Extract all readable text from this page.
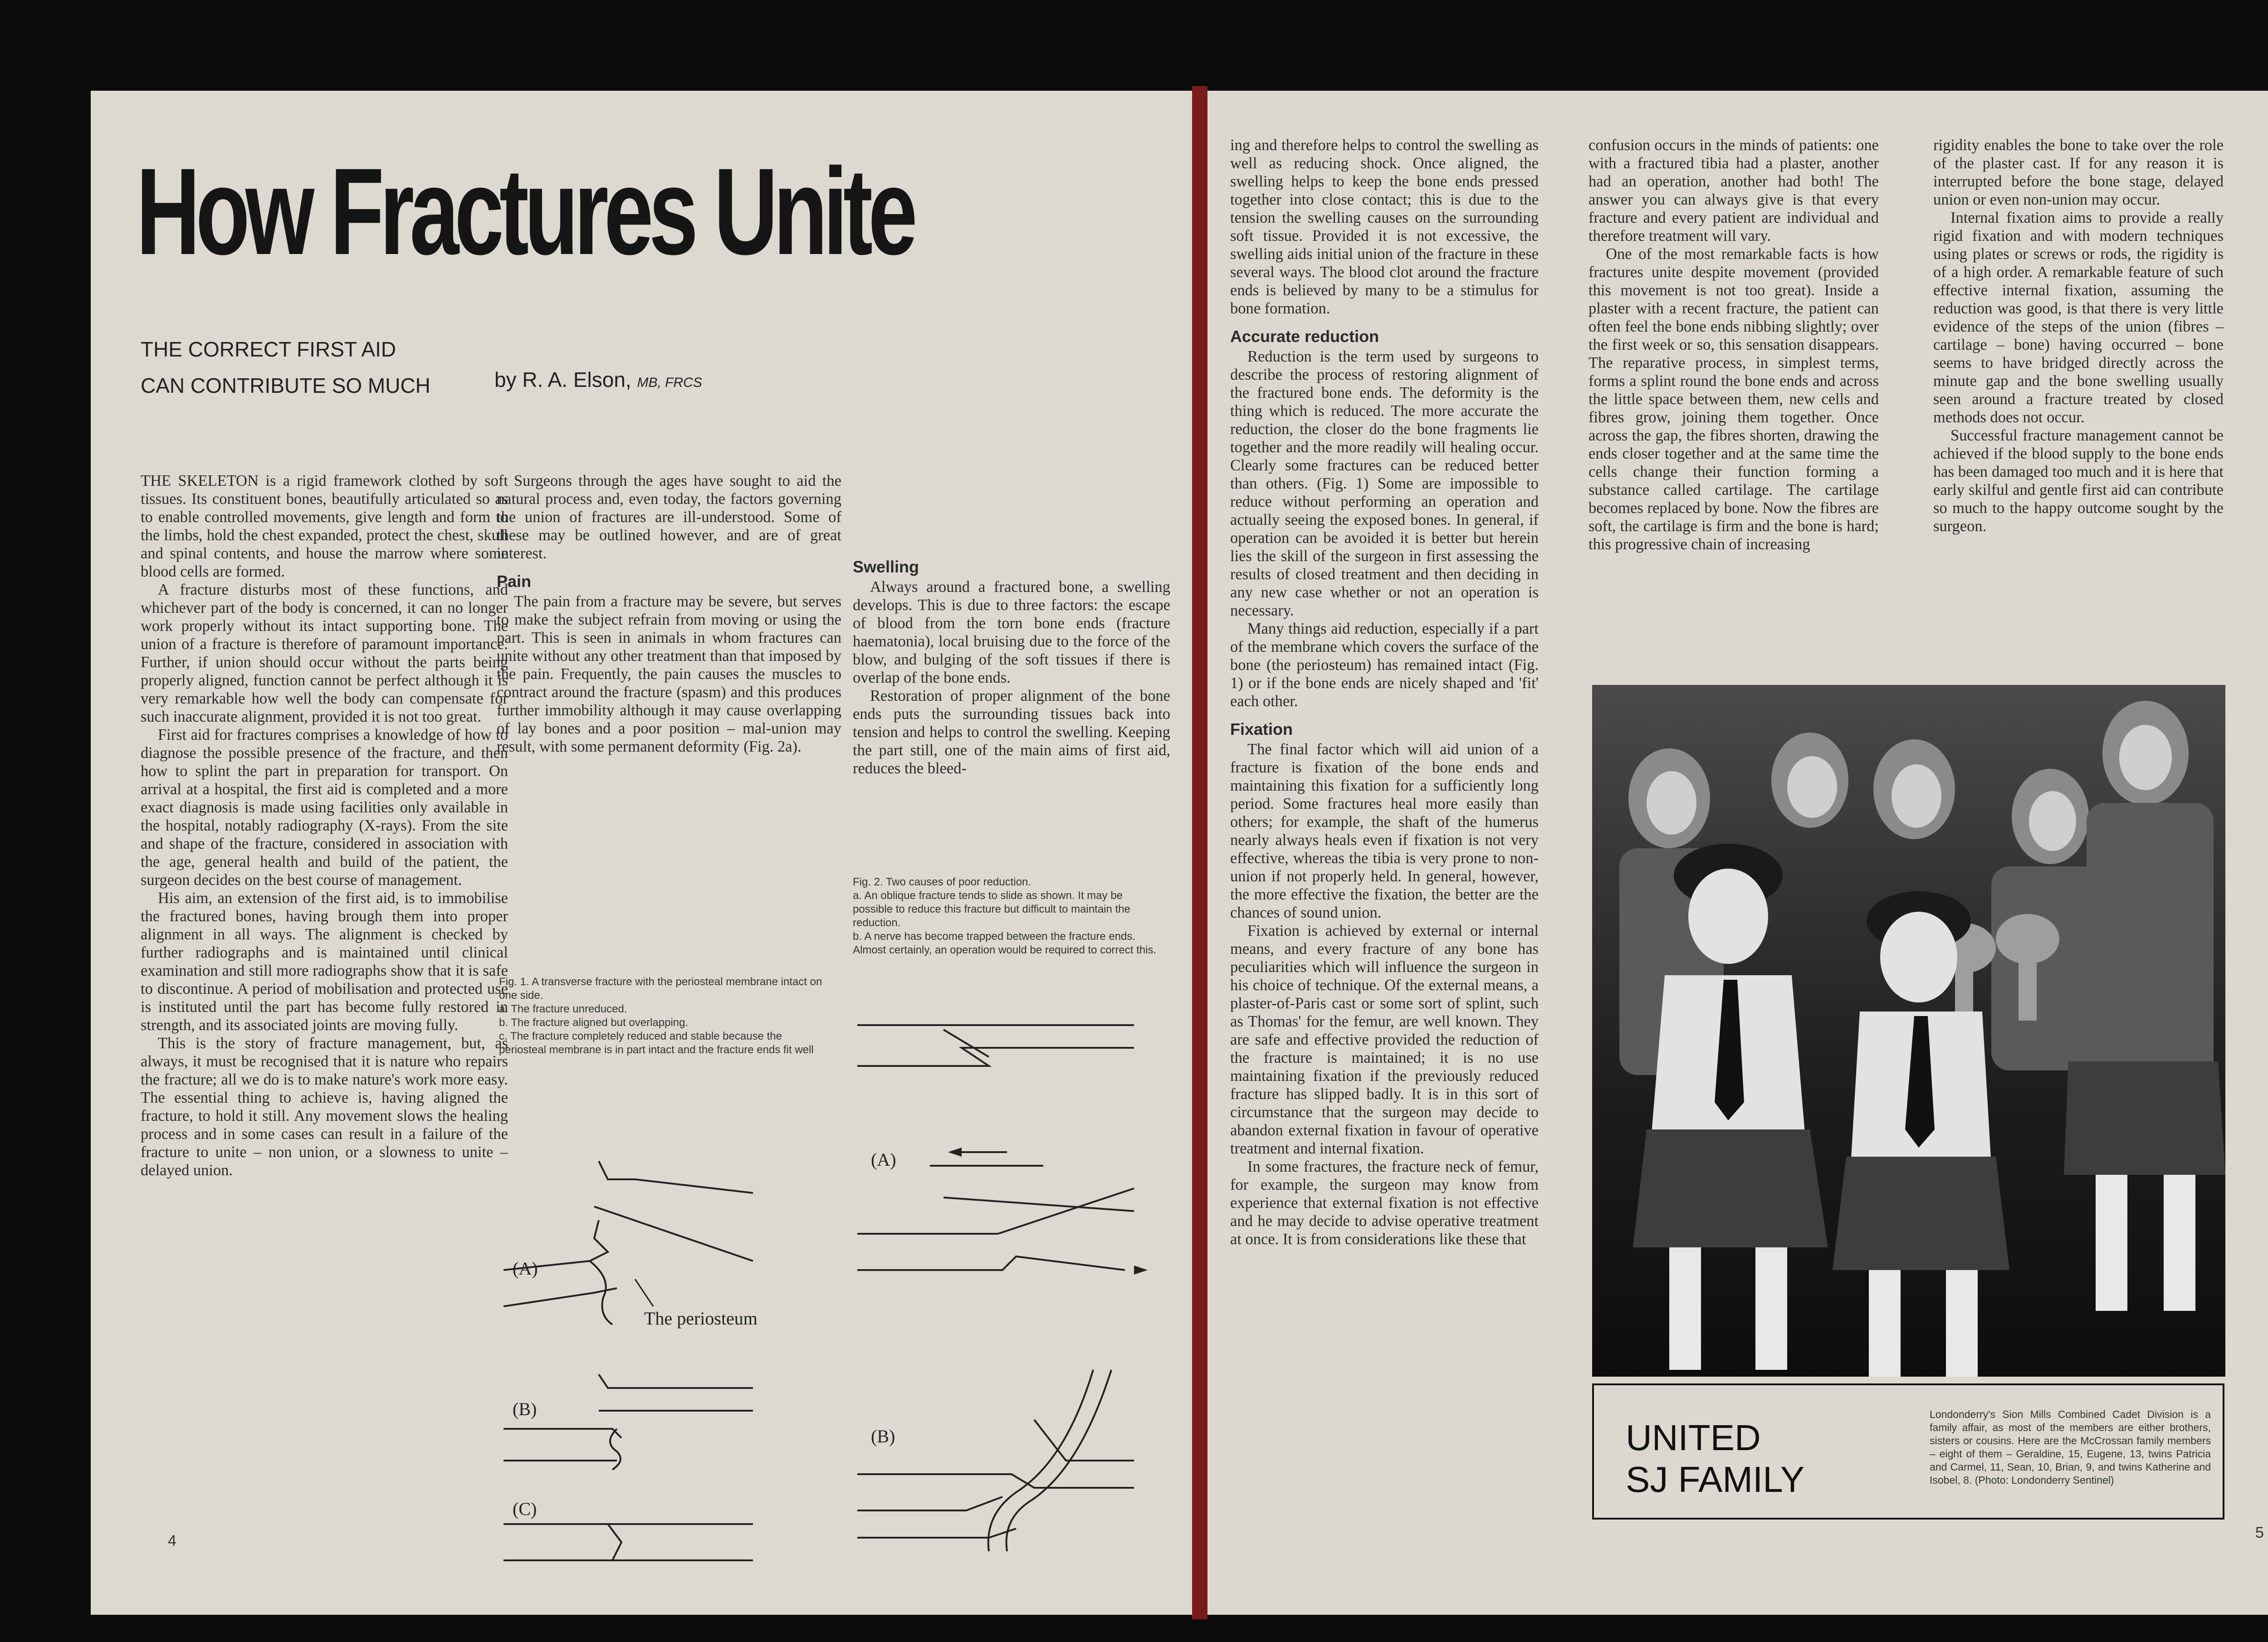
How Fractures Unite
THE CORRECT FIRST AID
CAN CONTRIBUTE SO MUCH	by R. A. Elson, MB, FRCS

THE SKELETON is a rigid framework clothed by soft tissues. Its constituent bones, beautifully articulated so as to enable controlled movements, give length and form to the limbs, hold the chest expanded, protect the chest, skull and spinal contents, and house the marrow where some blood cells are formed.

A fracture disturbs most of these functions, and whichever part of the body is concerned, it can no longer work properly without its intact supporting bone. The union of a fracture is therefore of paramount importance. Further, if union should occur without the parts being properly aligned, function cannot be perfect although it is very remarkable how well the body can compensate for such inaccurate alignment, provided it is not too great.

First aid for fractures comprises a knowledge of how to diagnose the possible presence of the fracture, and then how to splint the part in preparation for transport. On arrival at a hospital, the first aid is completed and a more exact diagnosis is made using facilities only available in the hospital, notably radiography (X-rays). From the site and shape of the fracture, considered in association with the age, general health and build of the patient, the surgeon decides on the best course of management.

His aim, an extension of the first aid, is to immobilise the fractured bones, having brough them into proper alignment in all ways. The alignment is checked by further radiographs and is maintained until clinical examination and still more radiographs show that it is safe to discontinue. A period of mobilisation and protected use is instituted until the part has become fully restored in strength, and its associated joints are moving fully.

This is the story of fracture management, but, as always, it must be recognised that it is nature who repairs the fracture; all we do is to make nature's work more easy. The essential thing to achieve is, having aligned the fracture, to hold it still. Any movement slows the healing process and in some cases can result in a failure of the fracture to unite – non union, or a slowness to unite – delayed union.

Surgeons through the ages have sought to aid the natural process and, even today, the factors governing the union of fractures are ill-understood. Some of these may be outlined however, and are of great interest.

Pain

The pain from a fracture may be severe, but serves to make the subject refrain from moving or using the part. This is seen in animals in whom fractures can unite without any other treatment than that imposed by the pain. Frequently, the pain causes the muscles to contract around the fracture (spasm) and this produces further immobility although it may cause overlapping of lay bones and a poor position – mal-union may result, with some permanent deformity (Fig. 2a).

Fig. 1. A transverse fracture with the periosteal membrane intact on one side.
a. The fracture unreduced.
b. The fracture aligned but overlapping.
c. The fracture completely reduced and stable because the periosteal membrane is in part intact and the fracture ends fit well
(A)
The periosteum
(B)
(C)
Swelling

Always around a fractured bone, a swelling develops. This is due to three factors: the escape of blood from the torn bone ends (fracture haematonia), local bruising due to the force of the blow, and bulging of the soft tissues if there is overlap of the bone ends.

Restoration of proper alignment of the bone ends puts the surrounding tissues back into tension and helps to control the swelling. Keeping the part still, one of the main aims of first aid, reduces the bleed-

Fig. 2. Two causes of poor reduction.
a. An oblique fracture tends to slide as shown. It may be possible to reduce this fracture but difficult to maintain the reduction.
b. A nerve has become trapped between the fracture ends. Almost certainly, an operation would be required to correct this.
(A)
(B)
4

ing and therefore helps to control the swelling as well as reducing shock. Once aligned, the swelling helps to keep the bone ends pressed together into close contact; this is due to the tension the swelling causes on the surrounding soft tissue. Provided it is not excessive, the swelling aids initial union of the fracture in these several ways. The blood clot around the fracture ends is believed by many to be a stimulus for bone formation.

Accurate reduction

Reduction is the term used by surgeons to describe the process of restoring alignment of the fractured bone ends. The deformity is the thing which is reduced. The more accurate the reduction, the closer do the bone fragments lie together and the more readily will healing occur. Clearly some fractures can be reduced better than others. (Fig. 1) Some are impossible to reduce without performing an operation and actually seeing the exposed bones. In general, if operation can be avoided it is better but herein lies the skill of the surgeon in first assessing the results of closed treatment and then deciding in any new case whether or not an operation is necessary.

Many things aid reduction, especially if a part of the membrane which covers the surface of the bone (the periosteum) has remained intact (Fig. 1) or if the bone ends are nicely shaped and 'fit' each other.

Fixation

The final factor which will aid union of a fracture is fixation of the bone ends and maintaining this fixation for a sufficiently long period. Some fractures heal more easily than others; for example, the shaft of the humerus nearly always heals even if fixation is not very effective, whereas the tibia is very prone to non-union if not properly held. In general, however, the more effective the fixation, the better are the chances of sound union.

Fixation is achieved by external or internal means, and every fracture of any bone has peculiarities which will influence the surgeon in his choice of technique. Of the external means, a plaster-of-Paris cast or some sort of splint, such as Thomas' for the femur, are well known. They are safe and effective provided the reduction of the fracture is maintained; it is no use maintaining fixation if the previously reduced fracture has slipped badly. It is in this sort of circumstance that the surgeon may decide to abandon external fixation in favour of operative treatment and internal fixation.

In some fractures, the fracture neck of femur, for example, the surgeon may know from experience that external fixation is not effective and he may decide to advise operative treatment at once. It is from considerations like these that

confusion occurs in the minds of patients: one with a fractured tibia had a plaster, another had an operation, another had both! The answer you can always give is that every fracture and every patient are individual and therefore treatment will vary.

One of the most remarkable facts is how fractures unite despite movement (provided this movement is not too great). Inside a plaster with a recent fracture, the patient can often feel the bone ends nibbing slightly; over the first week or so, this sensation disappears. The reparative process, in simplest terms, forms a splint round the bone ends and across the little space between them, new cells and fibres grow, joining them together. Once across the gap, the fibres shorten, drawing the ends closer together and at the same time the cells change their function forming a substance called cartilage. The cartilage becomes replaced by bone. Now the fibres are soft, the cartilage is firm and the bone is hard; this progressive chain of increasing

rigidity enables the bone to take over the role of the plaster cast. If for any reason it is interrupted before the bone stage, delayed union or even non-union may occur.

Internal fixation aims to provide a really rigid fixation and with modern techniques using plates or screws or rods, the rigidity is of a high order. A remarkable feature of such effective internal fixation, assuming the reduction was good, is that there is very little evidence of the steps of the union (fibres – cartilage – bone) having occurred – bone seems to have bridged directly across the minute gap and the bone swelling usually seen around a fracture treated by closed methods does not occur.

Successful fracture management cannot be achieved if the blood supply to the bone ends has been damaged too much and it is here that early skilful and gentle first aid can contribute so much to the happy outcome sought by the surgeon.

UNITED
SJ FAMILY
Londonderry's Sion Mills Combined Cadet Division is a family affair, as most of the members are either brothers, sisters or cousins. Here are the McCrossan family members – eight of them – Geraldine, 15, Eugene, 13, twins Patricia and Carmel, 11, Sean, 10, Brian, 9, and twins Katherine and Isobel, 8. (Photo: Londonderry Sentinel)
5
